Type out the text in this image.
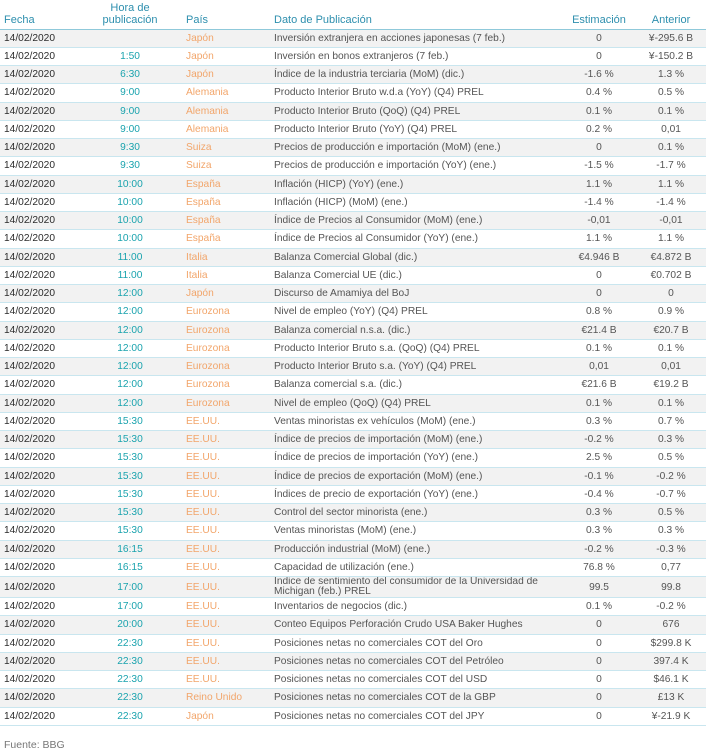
Fecha	Hora de publicación	País	Dato de Publicación	Estimación	Anterior
14/02/2020		Japón	Inversión extranjera en acciones japonesas (7 feb.)	0	¥-295.6 B
14/02/2020	1:50	Japón	Inversión en bonos extranjeros (7 feb.)	0	¥-150.2 B
14/02/2020	6:30	Japón	Índice de la industria terciaria (MoM) (dic.)	-1.6 %	1.3 %
14/02/2020	9:00	Alemania	Producto Interior Bruto w.d.a (YoY) (Q4) PREL	0.4 %	0.5 %
14/02/2020	9:00	Alemania	Producto Interior Bruto (QoQ) (Q4) PREL	0.1 %	0.1 %
14/02/2020	9:00	Alemania	Producto Interior Bruto (YoY) (Q4) PREL	0.2 %	0,01
14/02/2020	9:30	Suiza	Precios de producción e importación (MoM) (ene.)	0	0.1 %
14/02/2020	9:30	Suiza	Precios de producción e importación (YoY) (ene.)	-1.5 %	-1.7 %
14/02/2020	10:00	España	Inflación (HICP) (YoY) (ene.)	1.1 %	1.1 %
14/02/2020	10:00	España	Inflación (HICP) (MoM) (ene.)	-1.4 %	-1.4 %
14/02/2020	10:00	España	Índice de Precios al Consumidor (MoM) (ene.)	-0,01	-0,01
14/02/2020	10:00	España	Índice de Precios al Consumidor (YoY) (ene.)	1.1 %	1.1 %
14/02/2020	11:00	Italia	Balanza Comercial Global (dic.)	€4.946 B	€4.872 B
14/02/2020	11:00	Italia	Balanza Comercial UE (dic.)	0	€0.702 B
14/02/2020	12:00	Japón	Discurso de Amamiya del BoJ	0	0
14/02/2020	12:00	Eurozona	Nivel de empleo (YoY) (Q4) PREL	0.8 %	0.9 %
14/02/2020	12:00	Eurozona	Balanza comercial n.s.a. (dic.)	€21.4 B	€20.7 B
14/02/2020	12:00	Eurozona	Producto Interior Bruto s.a. (QoQ) (Q4) PREL	0.1 %	0.1 %
14/02/2020	12:00	Eurozona	Producto Interior Bruto s.a. (YoY) (Q4) PREL	0,01	0,01
14/02/2020	12:00	Eurozona	Balanza comercial s.a. (dic.)	€21.6 B	€19.2 B
14/02/2020	12:00	Eurozona	Nivel de empleo (QoQ) (Q4) PREL	0.1 %	0.1 %
14/02/2020	15:30	EE.UU.	Ventas minoristas ex vehículos (MoM) (ene.)	0.3 %	0.7 %
14/02/2020	15:30	EE.UU.	Índice de precios de importación (MoM) (ene.)	-0.2 %	0.3 %
14/02/2020	15:30	EE.UU.	Índice de precios de importación (YoY) (ene.)	2.5 %	0.5 %
14/02/2020	15:30	EE.UU.	Índice de precios de exportación (MoM) (ene.)	-0.1 %	-0.2 %
14/02/2020	15:30	EE.UU.	Índices de precio de exportación (YoY) (ene.)	-0.4 %	-0.7 %
14/02/2020	15:30	EE.UU.	Control del sector minorista (ene.)	0.3 %	0.5 %
14/02/2020	15:30	EE.UU.	Ventas minoristas (MoM) (ene.)	0.3 %	0.3 %
14/02/2020	16:15	EE.UU.	Producción industrial (MoM) (ene.)	-0.2 %	-0.3 %
14/02/2020	16:15	EE.UU.	Capacidad de utilización (ene.)	76.8 %	0,77
14/02/2020	17:00	EE.UU.	Índice de sentimiento del consumidor de la Universidad de Michigan (feb.) PREL	99.5	99.8
14/02/2020	17:00	EE.UU.	Inventarios de negocios (dic.)	0.1 %	-0.2 %
14/02/2020	20:00	EE.UU.	Conteo Equipos Perforación Crudo USA Baker Hughes	0	676
14/02/2020	22:30	EE.UU.	Posiciones netas no comerciales COT del Oro	0	$299.8 K
14/02/2020	22:30	EE.UU.	Posiciones netas no comerciales COT del Petróleo	0	397.4 K
14/02/2020	22:30	EE.UU.	Posiciones netas no comerciales COT del USD	0	$46.1 K
14/02/2020	22:30	Reino Unido	Posiciones netas no comerciales COT de la GBP	0	£13 K
14/02/2020	22:30	Japón	Posiciones netas no comerciales COT del JPY	0	¥-21.9 K
Fuente: BBG
